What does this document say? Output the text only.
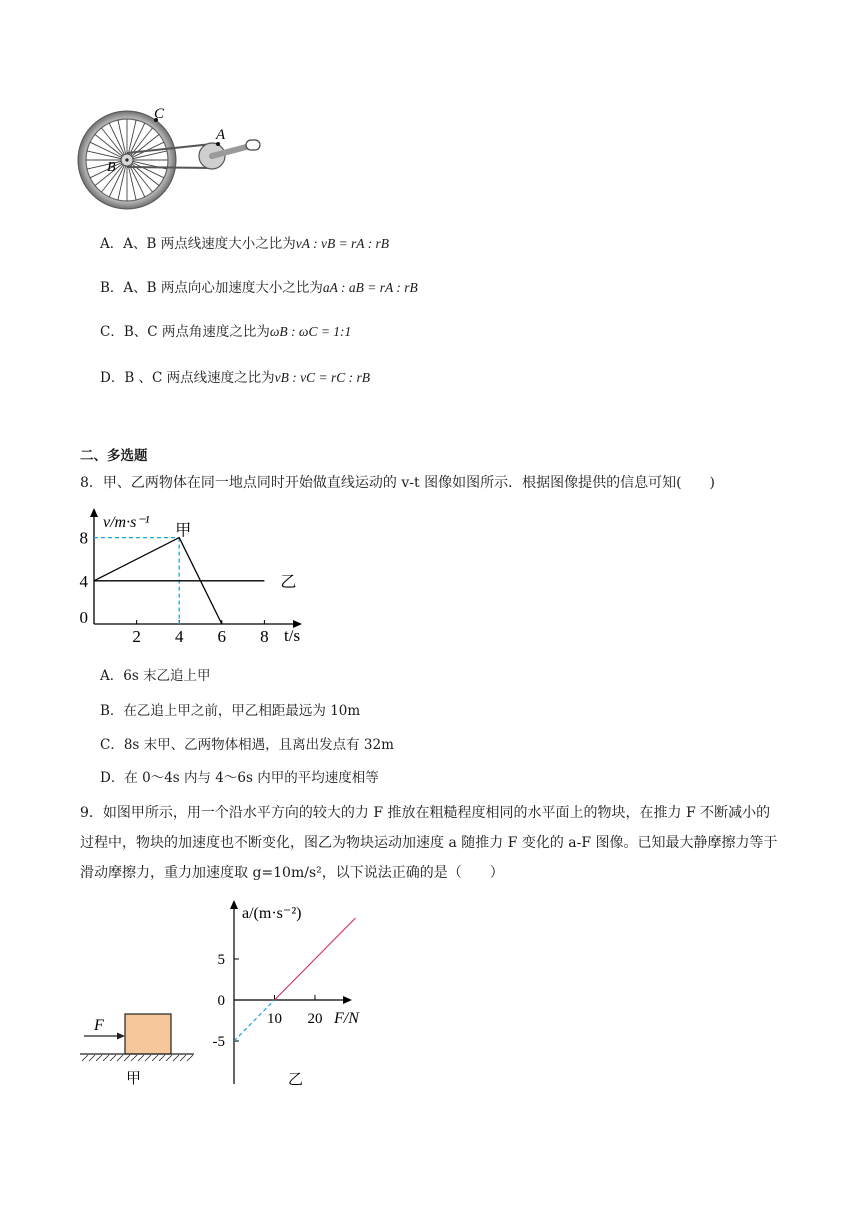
C
A
B
A．A、B 两点线速度大小之比为vA : vB = rA : rB
B．A、B 两点向心加速度大小之比为aA : aB = rA : rB
C．B、C 两点角速度之比为ωB : ωC = 1:1
D．B 、C 两点线速度之比为vB : vC = rC : rB
二、多选题
8．甲、乙两物体在同一地点同时开始做直线运动的 v-t 图像如图所示．根据图像提供的信息可知(　　)
2 4 6 8
8
4
0
甲
乙
v/m·s⁻¹
t/s
A．6s 末乙追上甲
B．在乙追上甲之前，甲乙相距最远为 10m
C．8s 末甲、乙两物体相遇，且离出发点有 32m
D．在 0～4s 内与 4～6s 内甲的平均速度相等
9．如图甲所示，用一个沿水平方向的较大的力 F 推放在粗糙程度相同的水平面上的物块，在推力 F 不断减小的过程中，物块的加速度也不断变化，图乙为物块运动加速度 a 随推力 F 变化的 a-F 图像。已知最大静摩擦力等于滑动摩擦力，重力加速度取 g=10m/s²，以下说法正确的是（　　）
F
甲
10 20
5
0
-5
a/(m·s⁻²)
F/N
乙
